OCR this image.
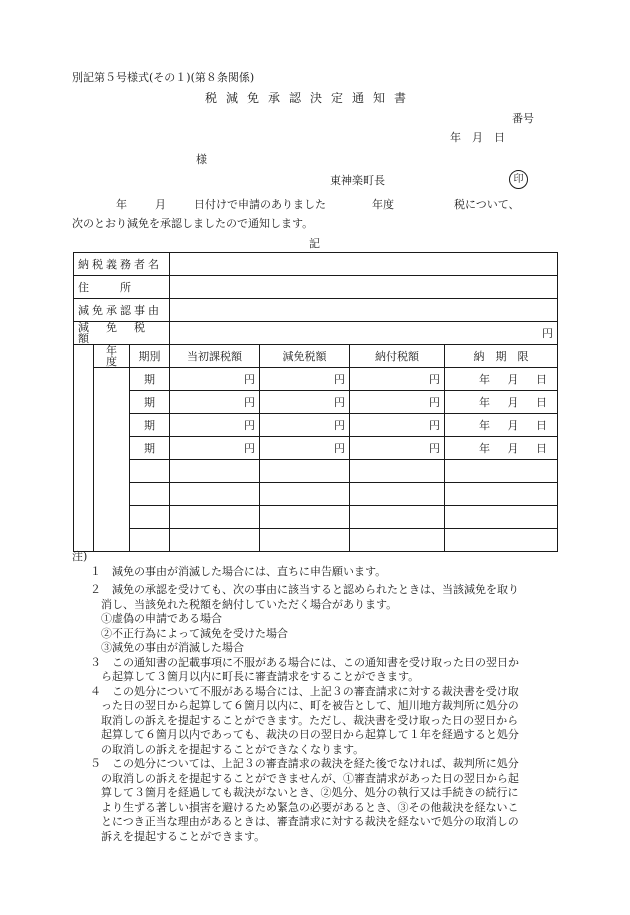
別記第５号様式(その１)(第８条関係)
税減免承認決定通知書
番号
年　月　日
様
東神楽町長	印
年	月	日付けで申請のありました	年度	税について、
次のとおり減免を承認しましたので通知します。
記
納税義務者名						
住　　所						
減免承認事由						
減　免　税　額			円			
	年　度	期別	当初課税額	減免税額	納付税額	納　期　限
		期	円	円	円	年 月 日

		期	円	円	円	年 月 日

		期	円	円	円	年 月 日

		期	円	円	円	年 月 日

注)
１　減免の事由が消滅した場合には、直ちに申告願います。
２　減免の承認を受けても、次の事由に該当すると認められたときは、当該減免を取り
消し、当該免れた税額を納付していただく場合があります。
①虚偽の申請である場合
②不正行為によって減免を受けた場合
③減免の事由が消滅した場合
３　この通知書の記載事項に不服がある場合には、この通知書を受け取った日の翌日か
ら起算して３箇月以内に町長に審査請求をすることができます。
４　この処分について不服がある場合には、上記３の審査請求に対する裁決書を受け取
った日の翌日から起算して６箇月以内に、町を被告として、旭川地方裁判所に処分の
取消しの訴えを提起することができます。ただし、裁決書を受け取った日の翌日から
起算して６箇月以内であっても、裁決の日の翌日から起算して１年を経過すると処分
の取消しの訴えを提起することができなくなります。
５　この処分については、上記３の審査請求の裁決を経た後でなければ、裁判所に処分
の取消しの訴えを提起することができませんが、①審査請求があった日の翌日から起
算して３箇月を経過しても裁決がないとき、②処分、処分の執行又は手続きの続行に
より生ずる著しい損害を避けるため緊急の必要があるとき、③その他裁決を経ないこ
とにつき正当な理由があるときは、審査請求に対する裁決を経ないで処分の取消しの
訴えを提起することができます。
